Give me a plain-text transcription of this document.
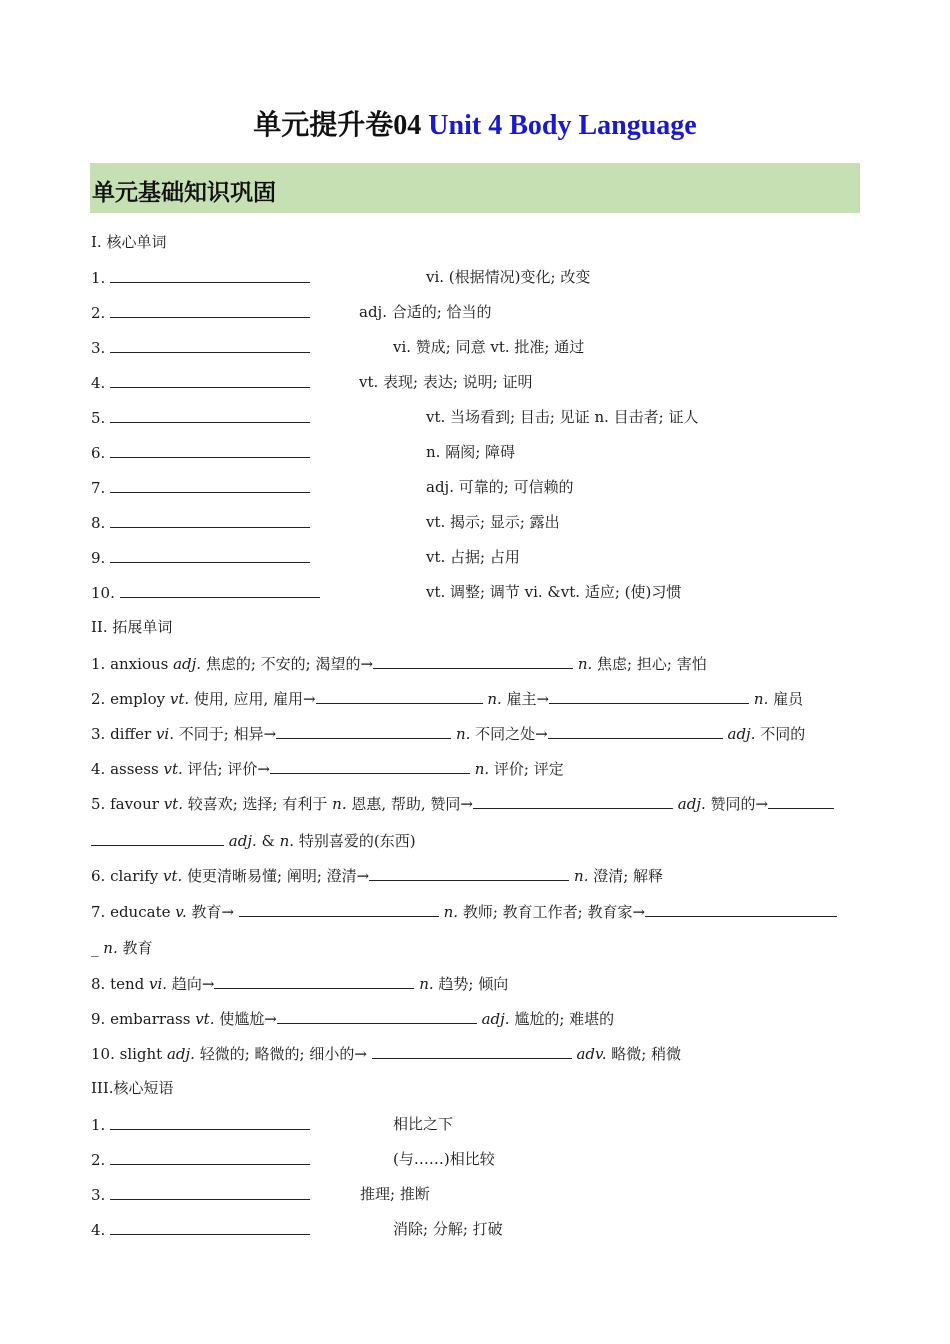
单元提升卷04 Unit 4 Body Language
单元基础知识巩固
I. 核心单词
1.	vi. (根据情况)变化; 改变
2.	adj. 合适的; 恰当的
3.	vi. 赞成; 同意 vt. 批准; 通过
4.	vt. 表现; 表达; 说明; 证明
5.	vt. 当场看到; 目击; 见证 n. 目击者; 证人
6.	n. 隔阂; 障碍
7.	adj. 可靠的; 可信赖的
8.	vt. 揭示; 显示; 露出
9.	vt. 占据; 占用
10.	vt. 调整; 调节 vi. &vt. 适应; (使)习惯
II. 拓展单词
1. anxious adj. 焦虑的; 不安的; 渴望的→	n. 焦虑; 担心; 害怕
2. employ vt. 使用, 应用, 雇用→	n. 雇主→	n. 雇员
3. differ vi. 不同于; 相异→	n. 不同之处→	adj. 不同的
4. assess vt. 评估; 评价→	n. 评价; 评定
5. favour vt. 较喜欢; 选择; 有利于 n. 恩惠, 帮助, 赞同→	adj. 赞同的→
adj. & n. 特别喜爱的(东西)
6. clarify vt. 使更清晰易懂; 阐明; 澄清→	n. 澄清; 解释
7. educate v. 教育→	n. 教师; 教育工作者; 教育家→
_ n. 教育
8. tend vi. 趋向→	n. 趋势; 倾向
9. embarrass vt. 使尴尬→	adj. 尴尬的; 难堪的
10. slight adj. 轻微的; 略微的; 细小的→	adv. 略微; 稍微
III.核心短语
1.	相比之下
2.	(与……)相比较
3.	推理; 推断
4.	消除; 分解; 打破
